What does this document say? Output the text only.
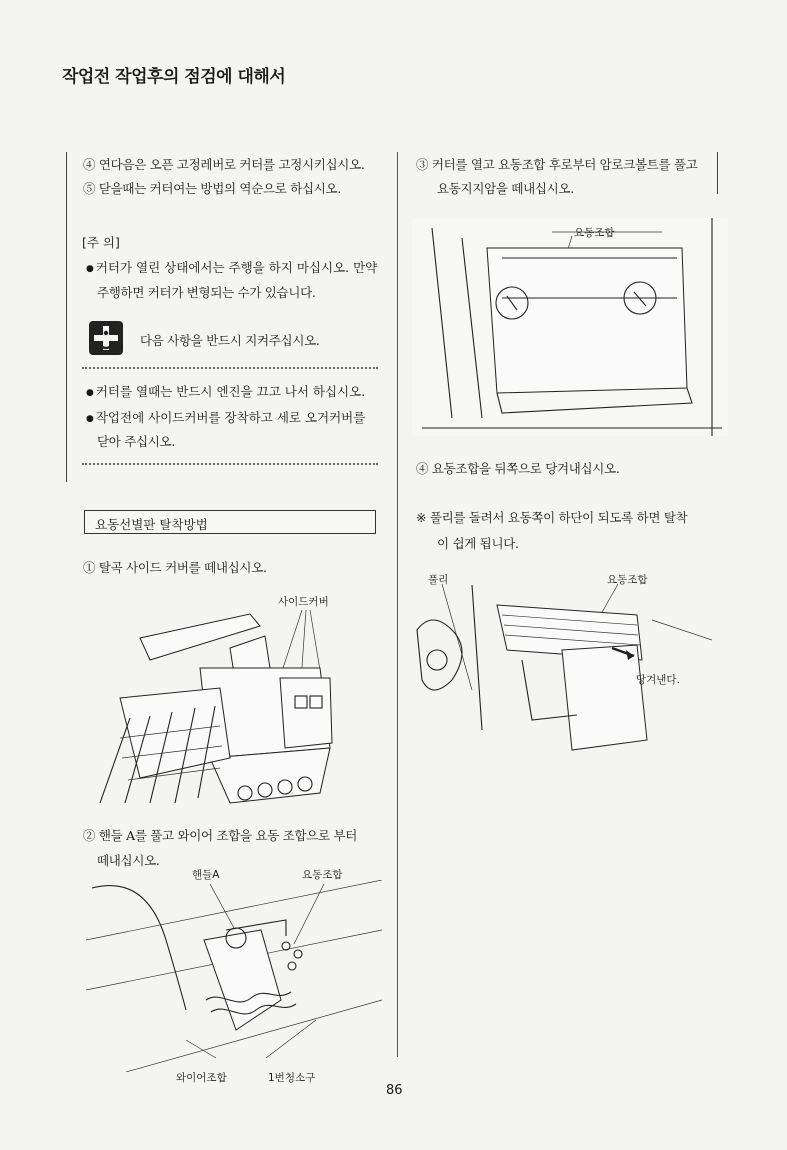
작업전 작업후의 점검에 대해서
④ 연다음은 오픈 고정레버로 커터를 고정시키십시오.
⑤ 닫을때는 커터여는 방법의 역순으로 하십시오.
[주 의]
● 커터가 열린 상태에서는 주행을 하지 마십시오. 만약
주행하면 커터가 변형되는 수가 있습니다.
다음 사항을 반드시 지켜주십시오.
● 커터를 열때는 반드시 엔진을 끄고 나서 하십시오.
● 작업전에 사이드커버를 장착하고 세로 오거커버를
닫아 주십시오.
요동선별판 탈착방법
① 탈곡 사이드 커버를 떼내십시오.
사이드커버
② 핸들 A를 풀고 와이어 조합을 요동 조합으로 부터
떼내십시오.
핸들A	요동조합
와이어조합	1번청소구
③ 커터를 열고 요동조합 후로부터 암로크볼트를 풀고
요동지지암을 떼내십시오.
요동조합
④ 요동조합을 뒤쪽으로 당겨내십시오.
※ 풀리를 돌려서 요동쪽이 하단이 되도록 하면 탈착
이 쉽게 됩니다.
풀리	요동조합
당겨낸다.
86
